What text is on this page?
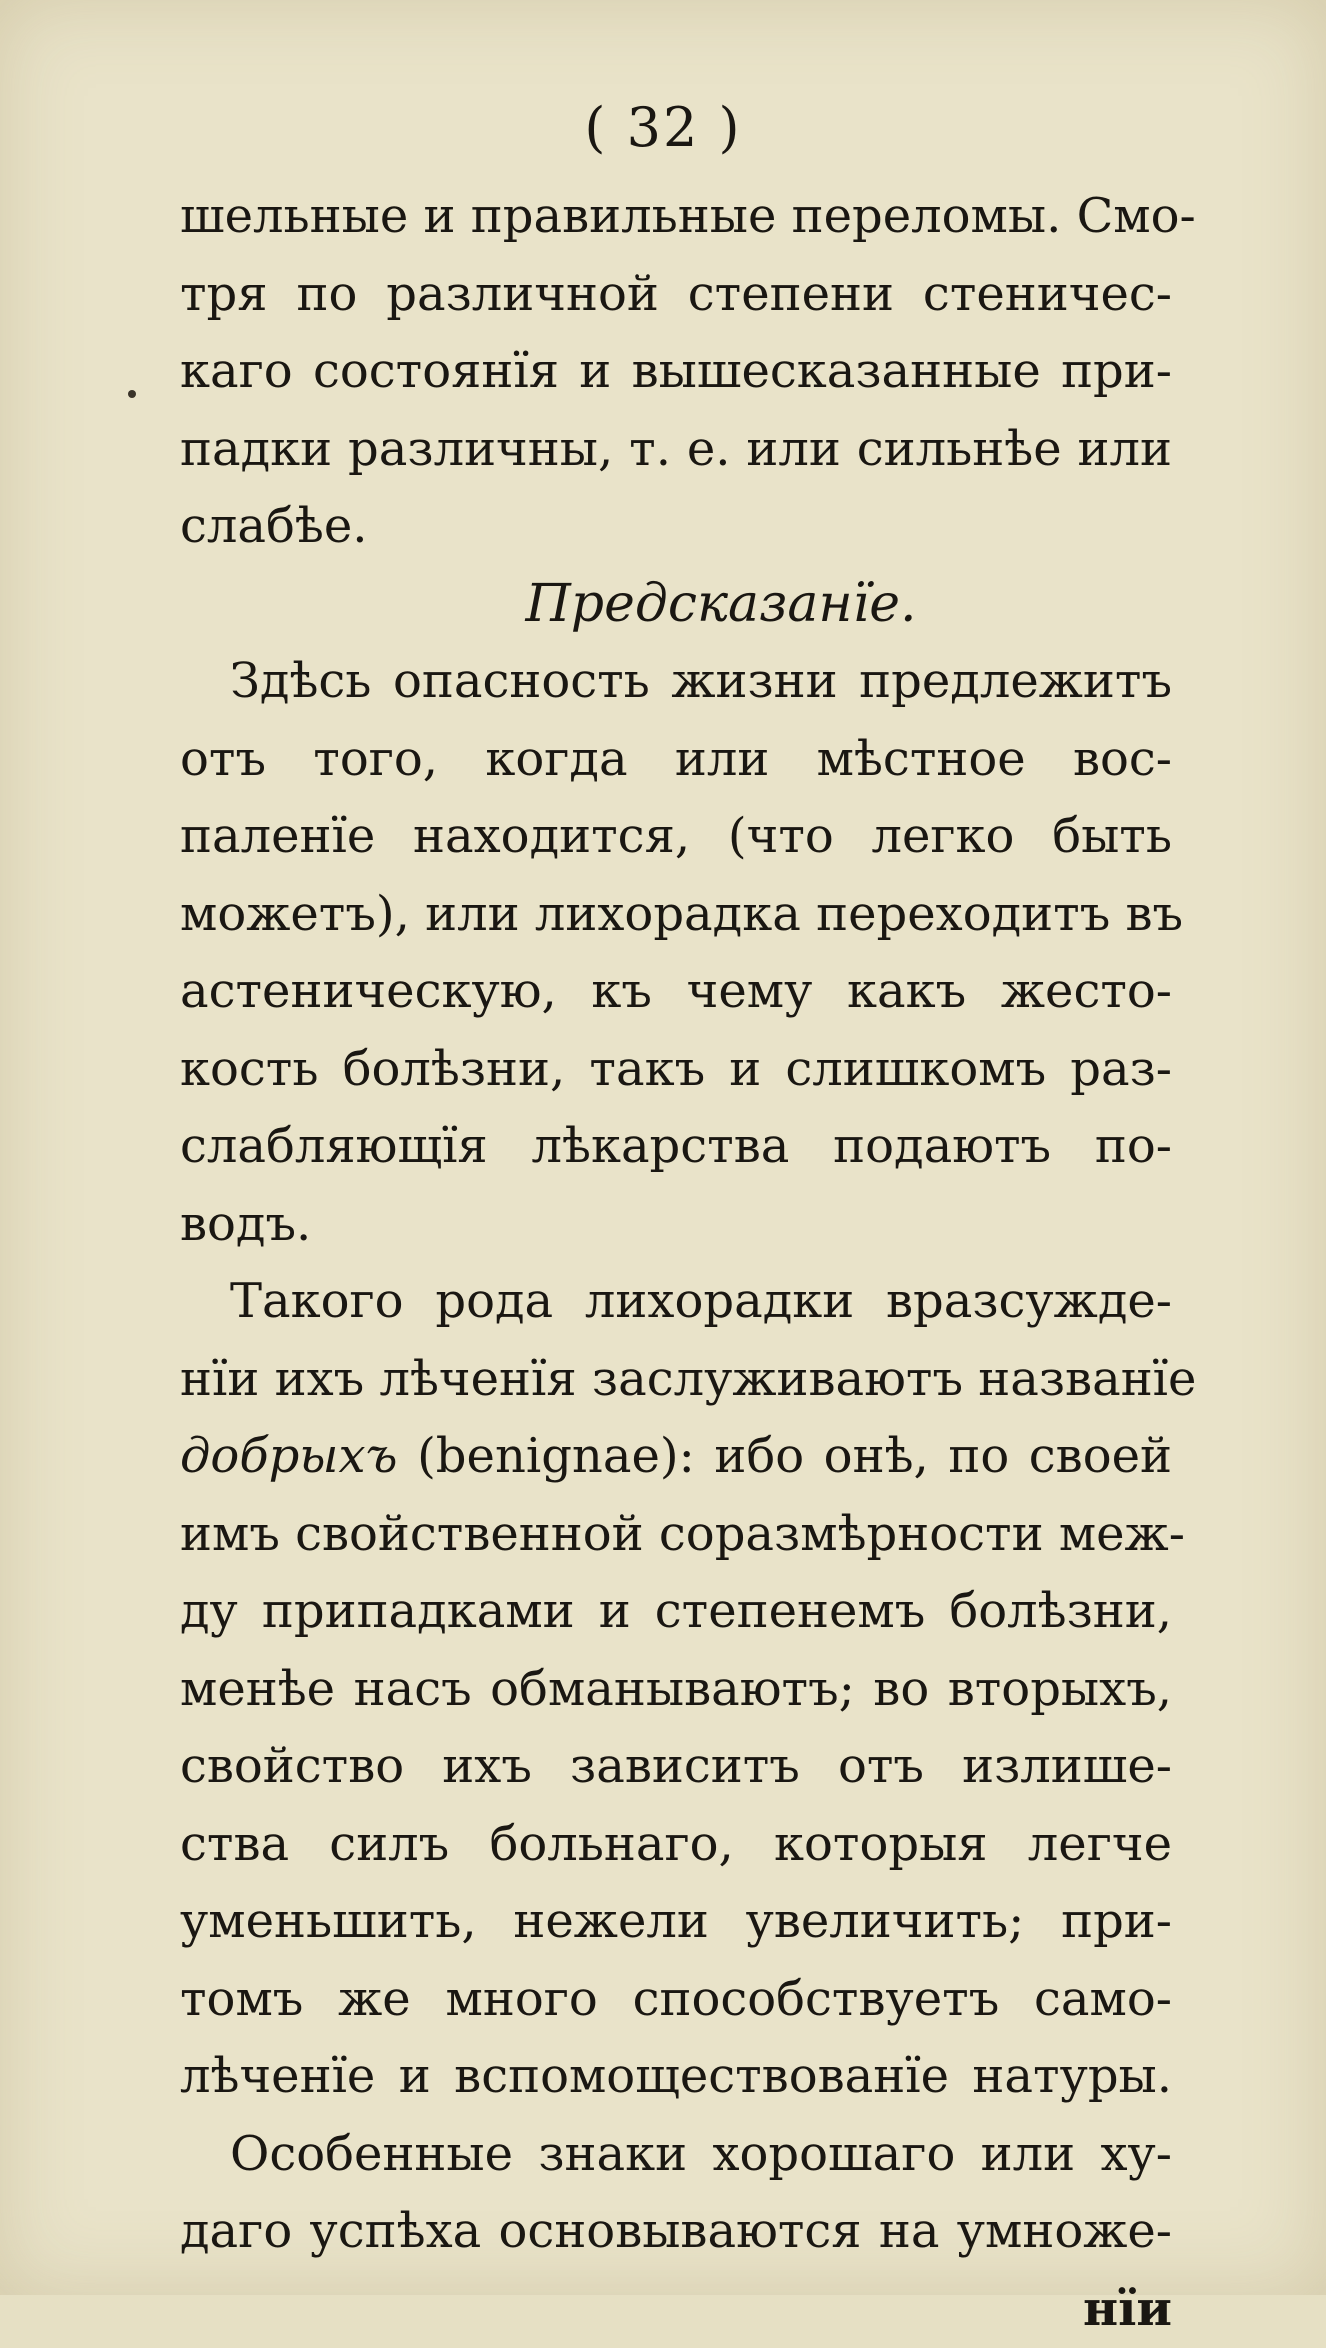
( 32 )
шельные и правильные переломы. Смо-
тря по различной степени стеничес-
каго состоянïя и вышесказанные при-
падки различны, т. е. или сильнѣе или
слабѣе.
Предсказанïе.
Здѣсь опасность жизни предлежитъ
отъ того, когда или мѣстное вос-
паленïе находится, (что легко быть
можетъ), или лихорадка переходитъ въ
астеническую, къ чему какъ жесто-
кость болѣзни, такъ и слишкомъ раз-
слабляющïя лѣкарства подаютъ по-
водъ.
Такого рода лихорадки вразсужде-
нïи ихъ лѣченïя заслуживаютъ названïе
добрыхъ (benignae): ибо онѣ, по своей
имъ свойственной соразмѣрности меж-
ду припадками и степенемъ болѣзни,
менѣе насъ обманываютъ; во вторыхъ,
свойство ихъ зависитъ отъ излише-
ства силъ больнаго, которыя легче
уменьшить, нежели увеличить; при-
томъ же много способствуетъ само-
лѣченïе и вспомоществованïе натуры.
Особенные знаки хорошаго или ху-
даго успѣха основываются на умноже-
нïи
